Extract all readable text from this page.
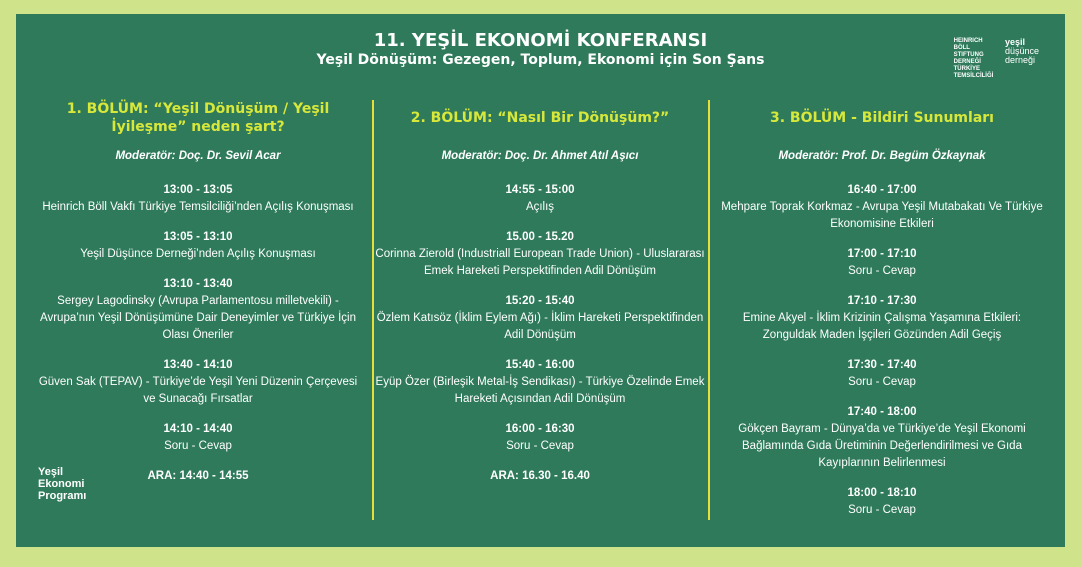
11. YEŞİL EKONOMİ KONFERANSI
Yeşil Dönüşüm: Gezegen, Toplum, Ekonomi için Son Şans
HEINRICH
BÖLL
STIFTUNG
DERNEĞİ
TÜRKİYE
TEMSİLCİLİĞİ

yeşil
düşünce
derneği
1. BÖLÜM: “Yeşil Dönüşüm / Yeşil İyileşme” neden şart?
Moderatör: Doç. Dr. Sevil Acar
13:00 - 13:05
Heinrich Böll Vakfı Türkiye Temsilciliği’nden Açılış Konuşması
13:05 - 13:10
Yeşil Düşünce Derneği’nden Açılış Konuşması
13:10 - 13:40
Sergey Lagodinsky (Avrupa Parlamentosu milletvekili) - Avrupa’nın Yeşil Dönüşümüne Dair Deneyimler ve Türkiye İçin Olası Öneriler
13:40 - 14:10
Güven Sak (TEPAV) - Türkiye’de Yeşil Yeni Düzenin Çerçevesi ve Sunacağı Fırsatlar
14:10 - 14:40
Soru - Cevap
ARA: 14:40 - 14:55
2. BÖLÜM: “Nasıl Bir Dönüşüm?”
Moderatör: Doç. Dr. Ahmet Atıl Aşıcı
14:55 - 15:00
Açılış
15.00 - 15.20
Corinna Zierold (Industriall European Trade Union) - Uluslararası Emek Hareketi Perspektifinden Adil Dönüşüm
15:20 - 15:40
Özlem Katısöz (İklim Eylem Ağı) - İklim Hareketi Perspektifinden Adil Dönüşüm
15:40 - 16:00
Eyüp Özer (Birleşik Metal-İş Sendikası) - Türkiye Özelinde Emek Hareketi Açısından Adil Dönüşüm
16:00 - 16:30
Soru - Cevap
ARA: 16.30 - 16.40
3. BÖLÜM - Bildiri Sunumları
Moderatör: Prof. Dr. Begüm Özkaynak
16:40 - 17:00
Mehpare Toprak Korkmaz - Avrupa Yeşil Mutabakatı Ve Türkiye Ekonomisine Etkileri
17:00 - 17:10
Soru - Cevap
17:10 - 17:30
Emine Akyel - İklim Krizinin Çalışma Yaşamına Etkileri: Zonguldak Maden İşçileri Gözünden Adil Geçiş
17:30 - 17:40
Soru - Cevap
17:40 - 18:00
Gökçen Bayram - Dünya’da ve Türkiye’de Yeşil Ekonomi Bağlamında Gıda Üretiminin Değerlendirilmesi ve Gıda Kayıplarının Belirlenmesi
18:00 - 18:10
Soru - Cevap
Yeşil
Ekonomi
Programı
